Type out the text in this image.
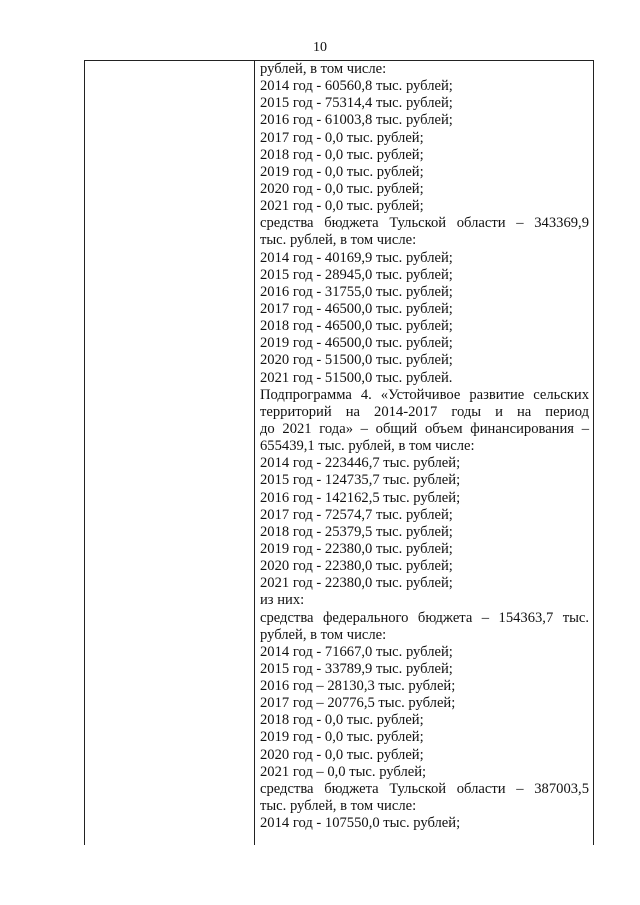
10
рублей, в том числе:
2014 год - 60560,8 тыс. рублей;
2015 год - 75314,4 тыс. рублей;
2016 год - 61003,8 тыс. рублей;
2017 год - 0,0 тыс. рублей;
2018 год - 0,0 тыс. рублей;
2019 год - 0,0 тыс. рублей;
2020 год - 0,0 тыс. рублей;
2021 год - 0,0 тыс. рублей;
средства бюджета Тульской области – 343369,9
тыс. рублей, в том числе:
2014 год - 40169,9 тыс. рублей;
2015 год - 28945,0 тыс. рублей;
2016 год - 31755,0 тыс. рублей;
2017 год - 46500,0 тыс. рублей;
2018 год - 46500,0 тыс. рублей;
2019 год - 46500,0 тыс. рублей;
2020 год - 51500,0 тыс. рублей;
2021 год - 51500,0 тыс. рублей.
Подпрограмма 4. «Устойчивое развитие сельских
территорий на 2014-2017 годы и на период
до 2021 года» – общий объем финансирования –
655439,1 тыс. рублей, в том числе:
2014 год - 223446,7 тыс. рублей;
2015 год - 124735,7 тыс. рублей;
2016 год - 142162,5 тыс. рублей;
2017 год - 72574,7 тыс. рублей;
2018 год - 25379,5 тыс. рублей;
2019 год - 22380,0 тыс. рублей;
2020 год - 22380,0 тыс. рублей;
2021 год - 22380,0 тыс. рублей;
из них:
средства федерального бюджета – 154363,7 тыс.
рублей, в том числе:
2014 год - 71667,0 тыс. рублей;
2015 год - 33789,9 тыс. рублей;
2016 год – 28130,3 тыс. рублей;
2017 год – 20776,5 тыс. рублей;
2018 год - 0,0 тыс. рублей;
2019 год - 0,0 тыс. рублей;
2020 год - 0,0 тыс. рублей;
2021 год – 0,0 тыс. рублей;
средства бюджета Тульской области – 387003,5
тыс. рублей, в том числе:
2014 год - 107550,0 тыс. рублей;
